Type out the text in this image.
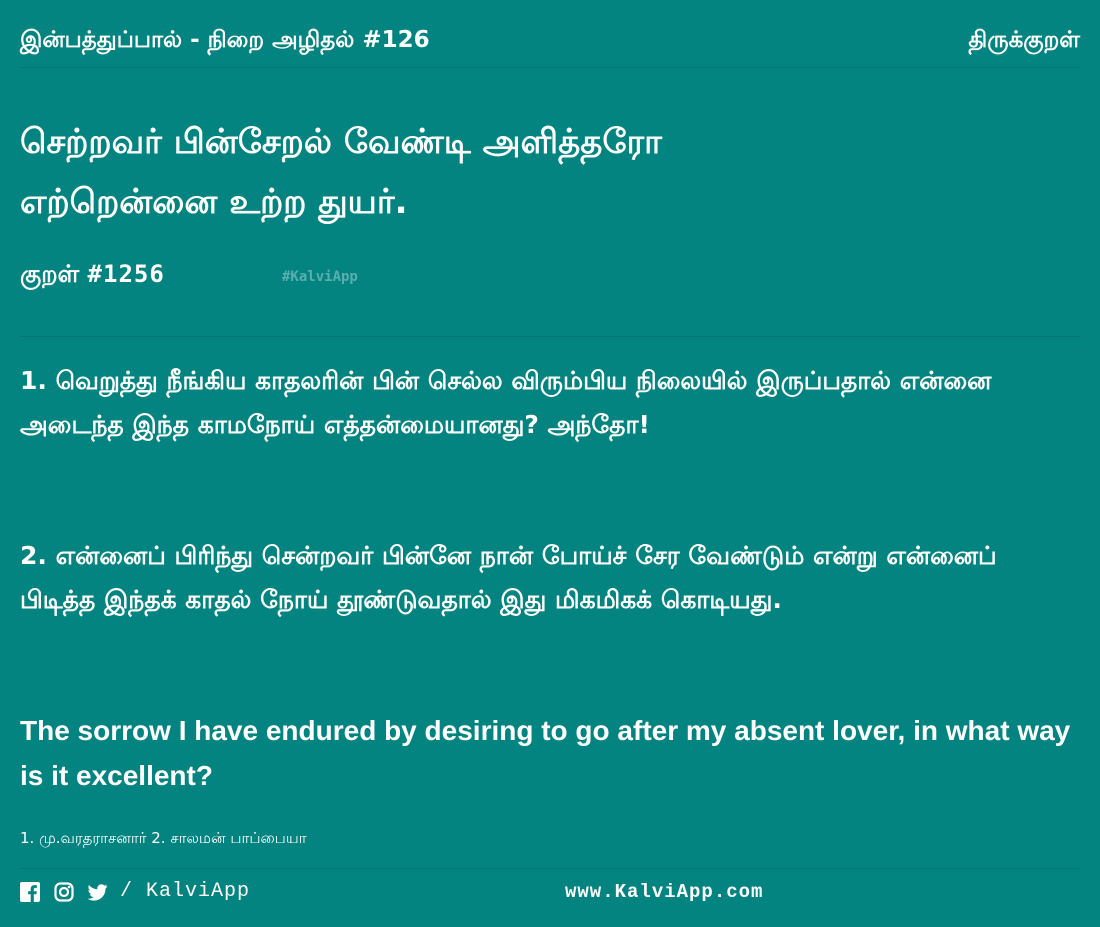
இன்பத்துப்பால் - நிறை அழிதல் #126	திருக்குறள்
செற்றவர் பின்சேறல் வேண்டி அளித்தரோ
எற்றென்னை உற்ற துயர்.
குறள் #1256	#KalviApp
1. வெறுத்து நீங்கிய காதலரின் பின் செல்ல விரும்பிய நிலையில் இருப்பதால் என்னை அடைந்த இந்த காமநோய் எத்தன்மையானது? அந்தோ!
2. என்னைப் பிரிந்து சென்றவர் பின்னே நான் போய்ச் சேர வேண்டும் என்று என்னைப் பிடித்த இந்தக் காதல் நோய் தூண்டுவதால் இது மிகமிகக் கொடியது.
The sorrow I have endured by desiring to go after my absent lover, in what way is it excellent?
1. மு.வரதராசனார் 2. சாலமன் பாப்பையா
/ KalviApp	www.KalviApp.com
